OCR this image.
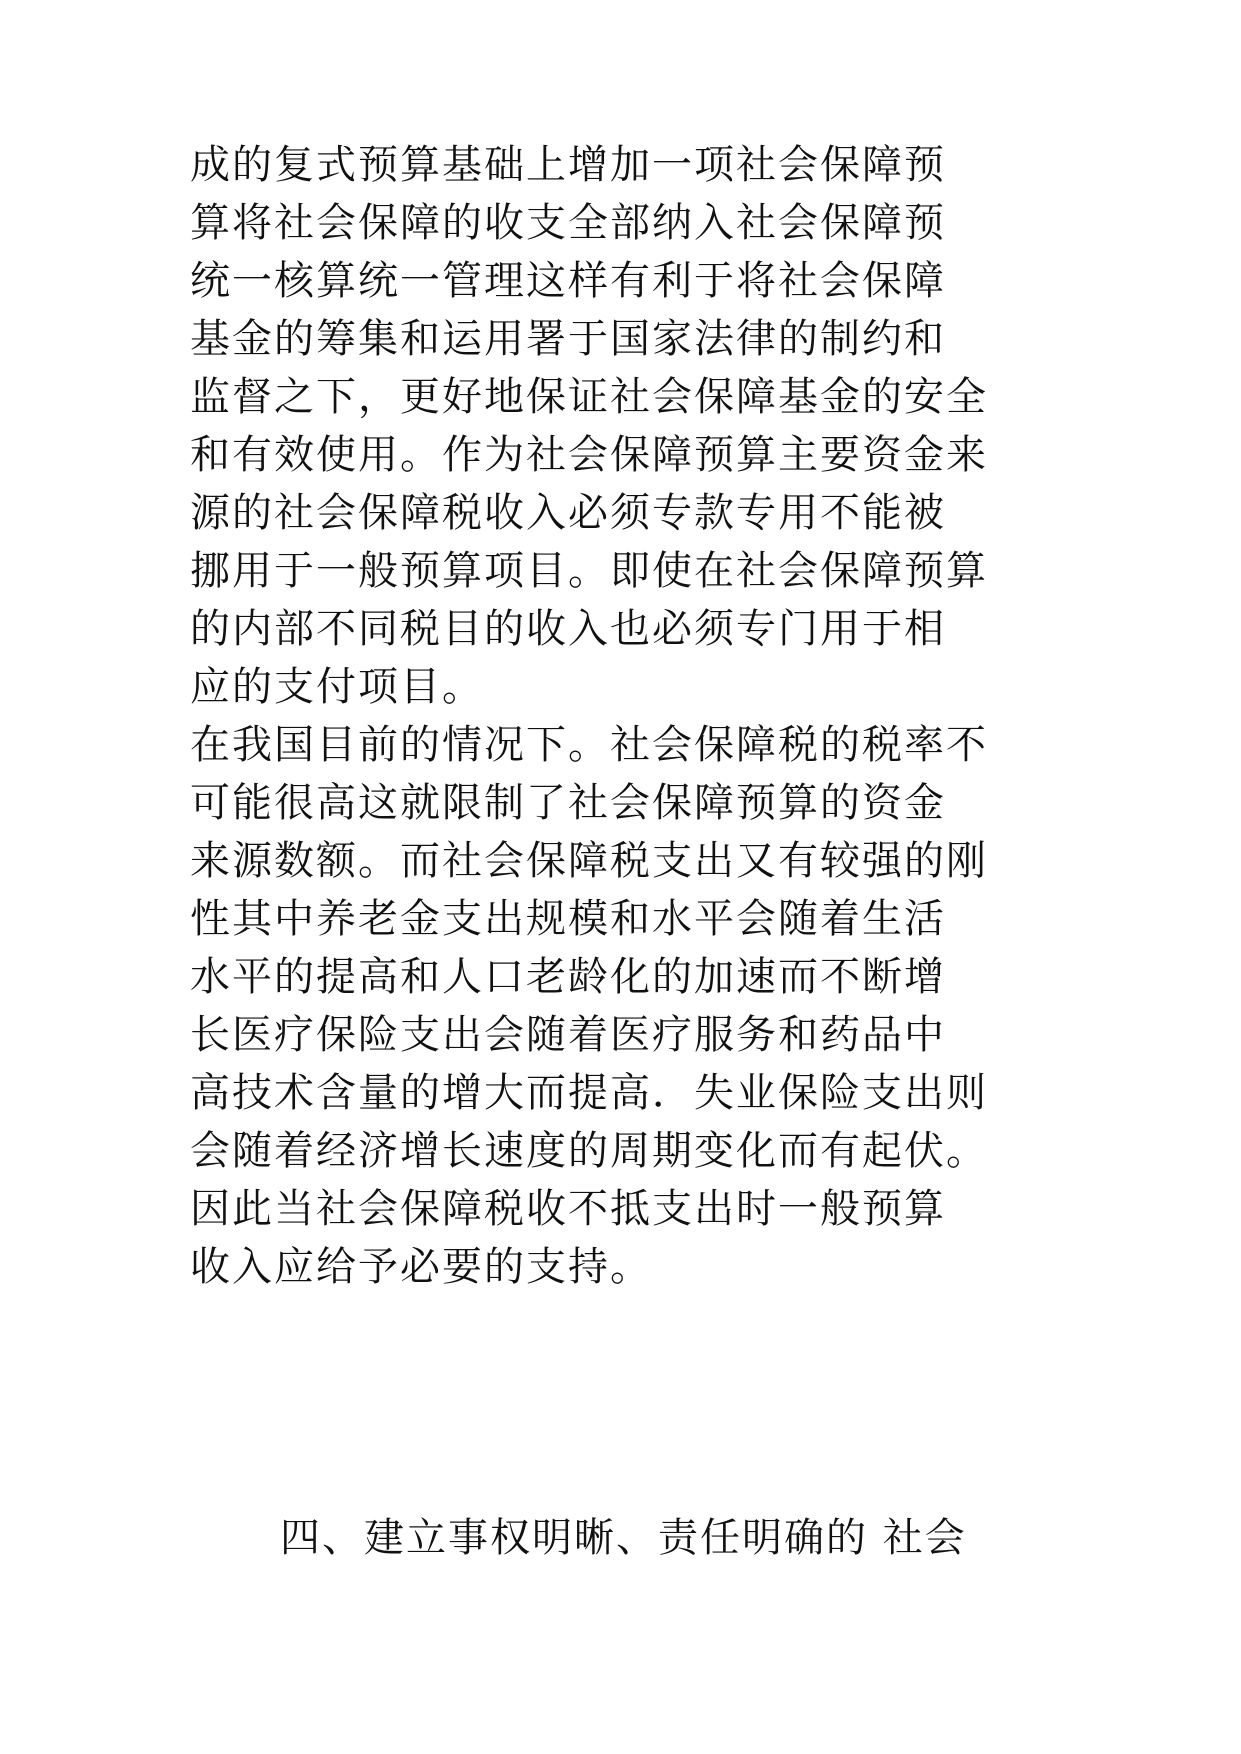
成的复式预算基础上增加一项社会保障预

算将社会保障的收支全部纳入社会保障预

统一核算统一管理这样有利于将社会保障

基金的筹集和运用署于国家法律的制约和

监督之下，更好地保证社会保障基金的安全

和有效使用。作为社会保障预算主要资金来

源的社会保障税收入必须专款专用不能被

挪用于一般预算项目。即使在社会保障预算

的内部不同税目的收入也必须专门用于相

应的支付项目。

在我国目前的情况下。社会保障税的税率不

可能很高这就限制了社会保障预算的资金

来源数额。而社会保障税支出又有较强的刚

性其中养老金支出规模和水平会随着生活

水平的提高和人口老龄化的加速而不断增

长医疗保险支出会随着医疗服务和药品中

高技术含量的增大而提高．失业保险支出则

会随着经济增长速度的周期变化而有起伏。

因此当社会保障税收不抵支出时一般预算

收入应给予必要的支持。

四、建立事权明晰、责任明确的 社会
